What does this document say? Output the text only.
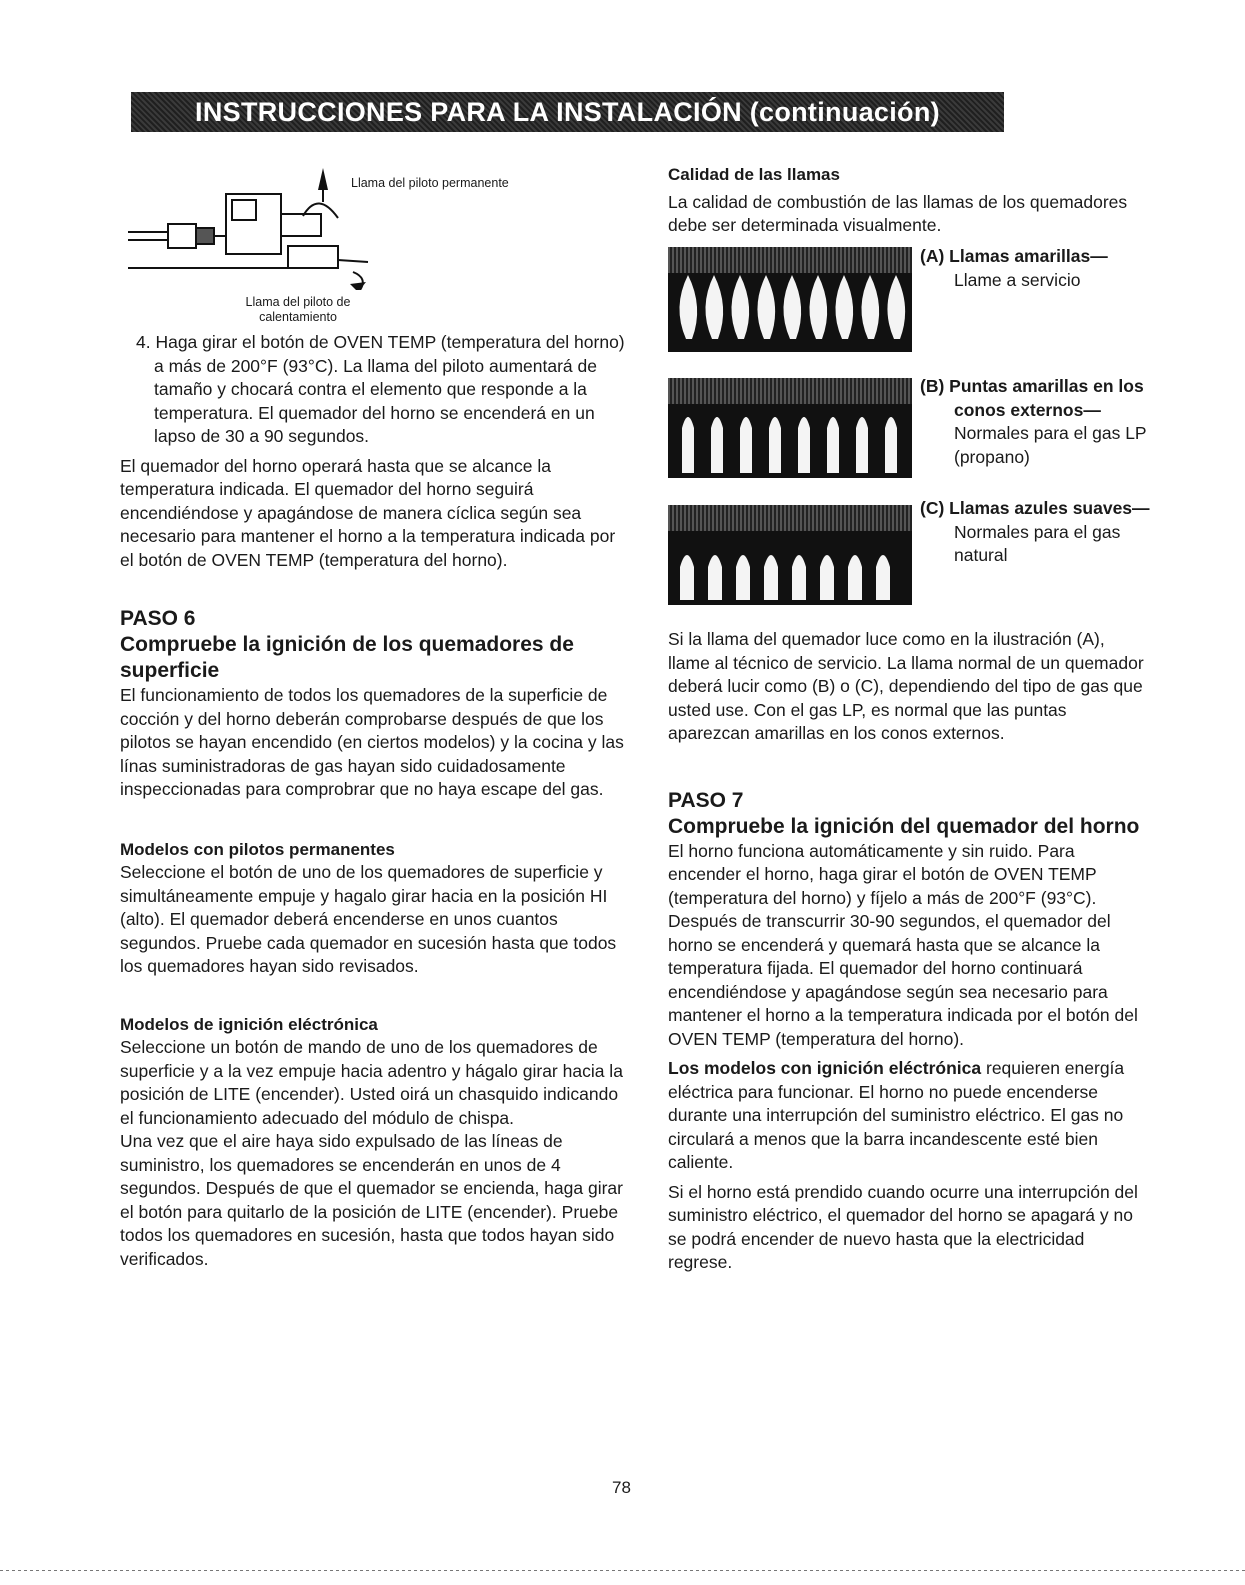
INSTRUCCIONES PARA LA INSTALACIÓN (continuación)
Llama del piloto permanente
Llama del piloto de calentamiento

4. Haga girar el botón de OVEN TEMP (temperatura del horno) a más de 200°F (93°C). La llama del piloto aumentará de tamaño y chocará contra el elemento que responde a la temperatura. El quemador del horno se encenderá en un lapso de 30 a 90 segundos.

El quemador del horno operará hasta que se alcance la temperatura indicada. El quemador del horno seguirá encendiéndose y apagándose de manera cíclica según sea necesario para mantener el horno a la temperatura indicada por el botón de OVEN TEMP (temperatura del horno).

PASO 6

Compruebe la ignición de los quemadores de superficie

El funcionamiento de todos los quemadores de la superficie de cocción y del horno deberán comprobarse después de que los pilotos se hayan encendido (en ciertos modelos) y la cocina y las línas suministradoras de gas hayan sido cuidadosamente inspeccionadas para comprobrar que no haya escape del gas.

Modelos con pilotos permanentes

Seleccione el botón de uno de los quemadores de superficie y simultáneamente empuje y hagalo girar hacia en la posición HI (alto). El quemador deberá encenderse en unos cuantos segundos. Pruebe cada quemador en sucesión hasta que todos los quemadores hayan sido revisados.

Modelos de ignición eléctrónica

Seleccione un botón de mando de uno de los quemadores de superficie y a la vez empuje hacia adentro y hágalo girar hacia la posición de LITE (encender). Usted oirá un chasquido indicando el funcionamiento adecuado del módulo de chispa.

Una vez que el aire haya sido expulsado de las líneas de suministro, los quemadores se encenderán en unos de 4 segundos. Después de que el quemador se encienda, haga girar el botón para quitarlo de la posición de LITE (encender). Pruebe todos los quemadores en sucesión, hasta que todos hayan sido verificados.

Calidad de las llamas

La calidad de combustión de las llamas de los quemadores debe ser determinada visualmente.

(A) Llamas amarillas—
Llame a servicio
(B) Puntas amarillas en los conos externos—
Normales para el gas LP (propano)
(C) Llamas azules suaves—
Normales para el gas natural

Si la llama del quemador luce como en la ilustración (A), llame al técnico de servicio. La llama normal de un quemador deberá lucir como (B) o (C), dependiendo del tipo de gas que usted use. Con el gas LP, es normal que las puntas aparezcan amarillas en los conos externos.

PASO 7

Compruebe la ignición del quemador del horno

El horno funciona automáticamente y sin ruido. Para encender el horno, haga girar el botón de OVEN TEMP (temperatura del horno) y fíjelo a más de 200°F (93°C). Después de transcurrir 30-90 segundos, el quemador del horno se encenderá y quemará hasta que se alcance la temperatura fijada. El quemador del horno continuará encendiéndose y apagándose según sea necesario para mantener el horno a la temperatura indicada por el botón del OVEN TEMP (temperatura del horno).

Los modelos con ignición eléctrónica requieren energía eléctrica para funcionar. El horno no puede encenderse durante una interrupción del suministro eléctrico. El gas no circulará a menos que la barra incandescente esté bien caliente.

Si el horno está prendido cuando ocurre una interrupción del suministro eléctrico, el quemador del horno se apagará y no se podrá encender de nuevo hasta que la electricidad regrese.

78
